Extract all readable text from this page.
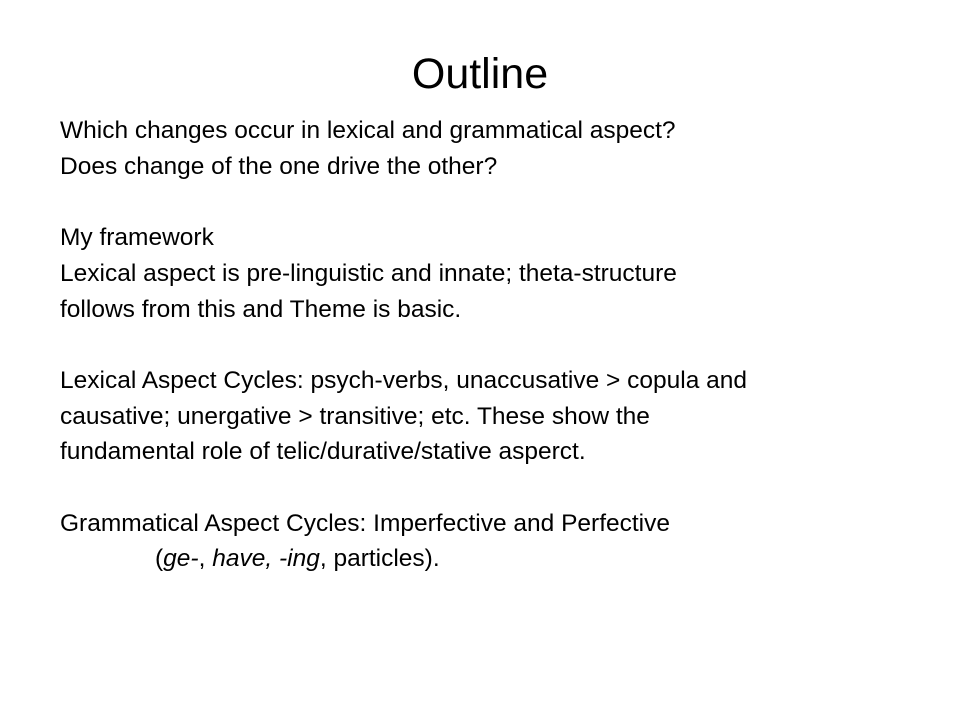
Outline
Which changes occur in lexical and grammatical aspect?
Does change of the one drive the other?
My framework
Lexical aspect is pre-linguistic and innate; theta-structure
follows from this and Theme is basic.
Lexical Aspect Cycles: psych-verbs, unaccusative > copula and
causative; unergative > transitive; etc. These show the
fundamental role of telic/durative/stative asperct.
Grammatical Aspect Cycles: Imperfective and Perfective
(ge-, have, -ing, particles).
